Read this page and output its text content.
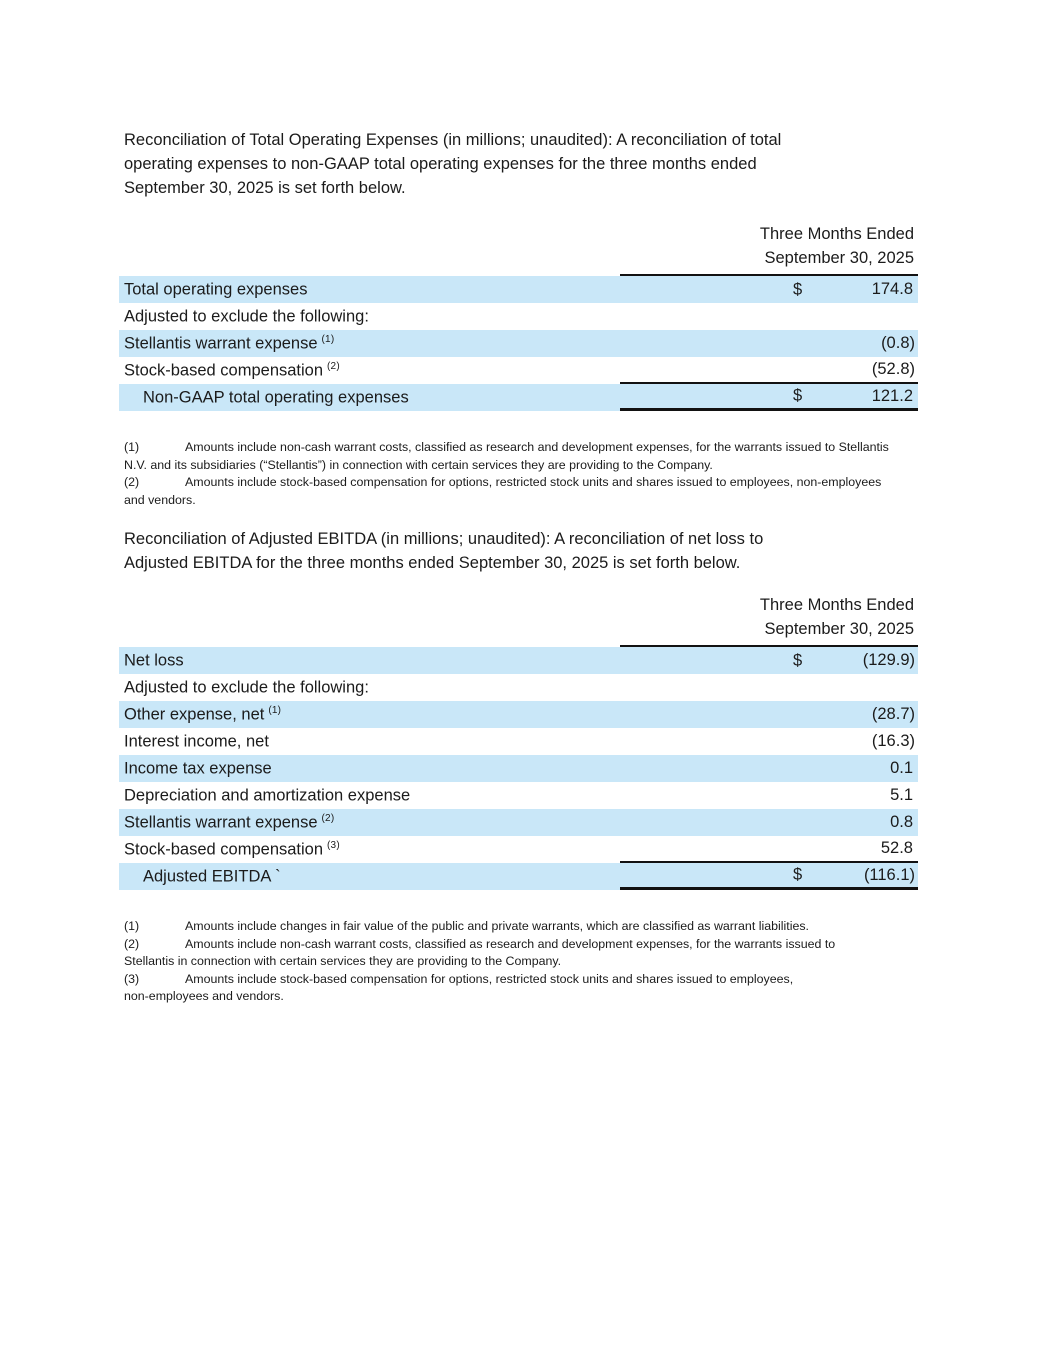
Reconciliation of Total Operating Expenses (in millions; unaudited): A reconciliation of total
operating expenses to non-GAAP total operating expenses for the three months ended
September 30, 2025 is set forth below.
Three Months Ended
September 30, 2025
Total operating expenses	$	174.8
Adjusted to exclude the following:
Stellantis warrant expense $^{(1)}$	(0.8)
Stock-based compensation $^{(2)}$	(52.8)
Non-GAAP total operating expenses	$	121.2
(1)	Amounts include non-cash warrant costs, classified as research and development expenses, for the warrants issued to Stellantis
N.V. and its subsidiaries (“Stellantis”) in connection with certain services they are providing to the Company.
(2)	Amounts include stock-based compensation for options, restricted stock units and shares issued to employees, non-employees
and vendors.
Reconciliation of Adjusted EBITDA (in millions; unaudited): A reconciliation of net loss to
Adjusted EBITDA for the three months ended September 30, 2025 is set forth below.
Three Months Ended
September 30, 2025
Net loss	$	(129.9)
Adjusted to exclude the following:
Other expense, net $^{(1)}$	(28.7)
Interest income, net	(16.3)
Income tax expense	0.1
Depreciation and amortization expense	5.1
Stellantis warrant expense $^{(2)}$	0.8
Stock-based compensation $^{(3)}$	52.8
Adjusted EBITDA `	$	(116.1)
(1)	Amounts include changes in fair value of the public and private warrants, which are classified as warrant liabilities.
(2)	Amounts include non-cash warrant costs, classified as research and development expenses, for the warrants issued to
Stellantis in connection with certain services they are providing to the Company.
(3)	Amounts include stock-based compensation for options, restricted stock units and shares issued to employees,
non-employees and vendors.
